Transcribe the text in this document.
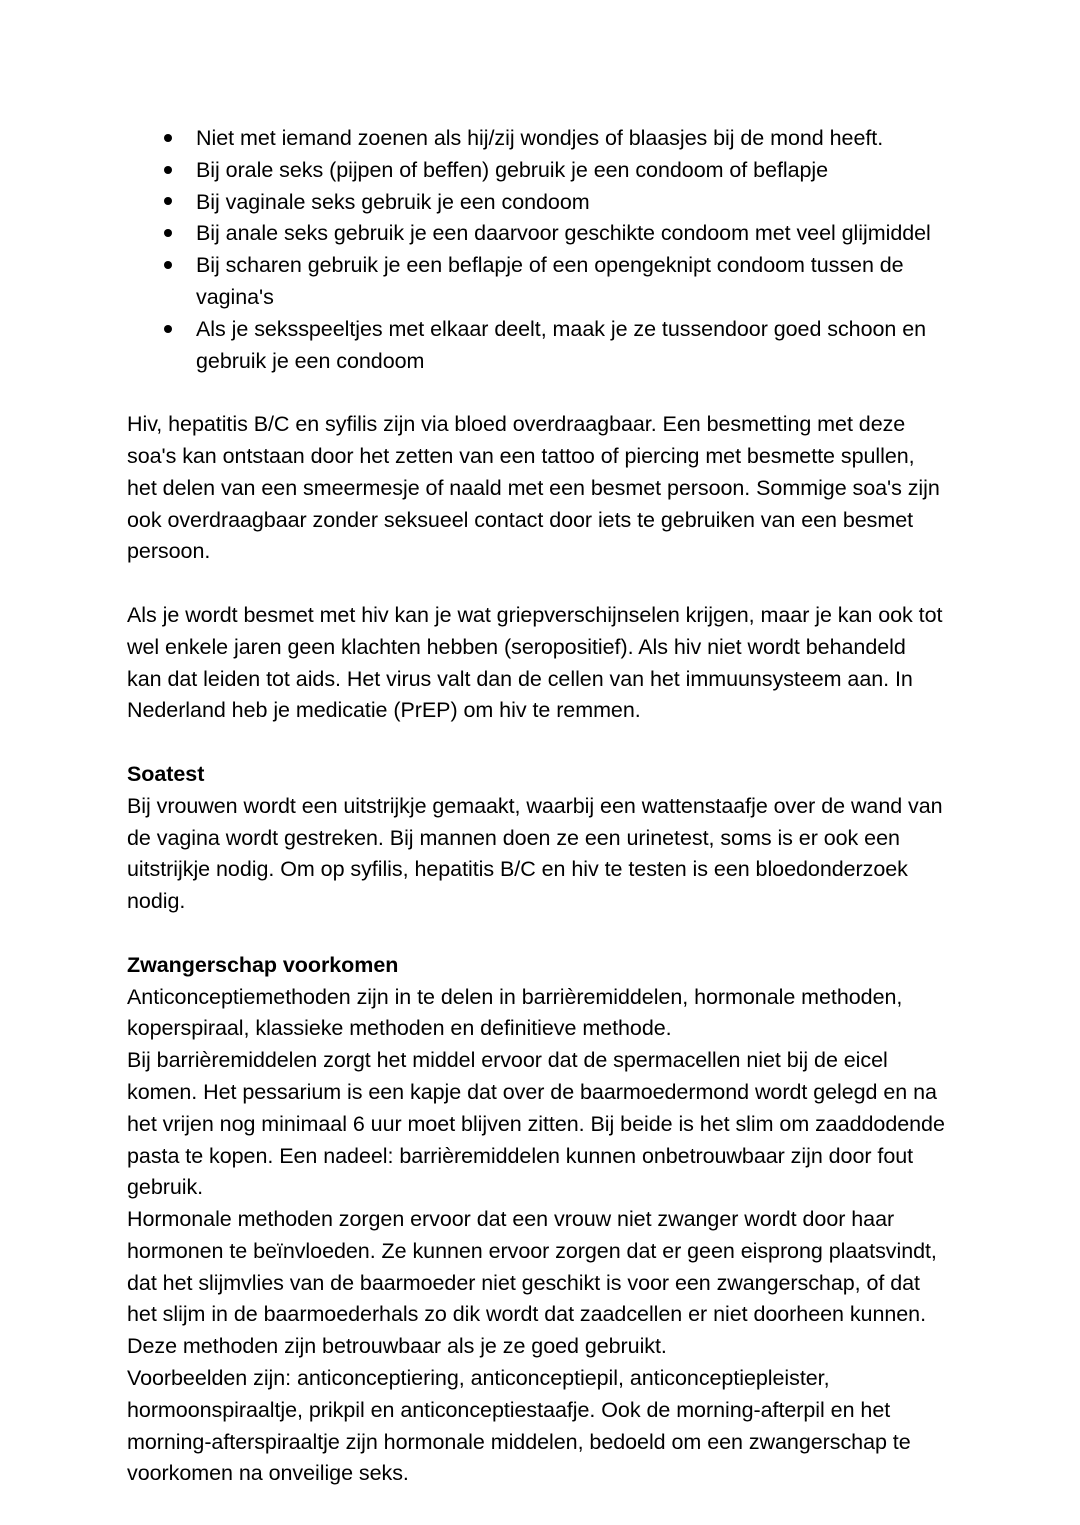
Niet met iemand zoenen als hij/zij wondjes of blaasjes bij de mond heeft.
Bij orale seks (pijpen of beffen) gebruik je een condoom of beflapje
Bij vaginale seks gebruik je een condoom
Bij anale seks gebruik je een daarvoor geschikte condoom met veel glijmiddel
Bij scharen gebruik je een beflapje of een opengeknipt condoom tussen de vagina's
Als je seksspeeltjes met elkaar deelt, maak je ze tussendoor goed schoon en gebruik je een condoom

Hiv, hepatitis B/C en syfilis zijn via bloed overdraagbaar. Een besmetting met deze soa's kan ontstaan door het zetten van een tattoo of piercing met besmette spullen, het delen van een smeermesje of naald met een besmet persoon. Sommige soa's zijn ook overdraagbaar zonder seksueel contact door iets te gebruiken van een besmet persoon.

Als je wordt besmet met hiv kan je wat griepverschijnselen krijgen, maar je kan ook tot wel enkele jaren geen klachten hebben (seropositief). Als hiv niet wordt behandeld kan dat leiden tot aids. Het virus valt dan de cellen van het immuunsysteem aan. In Nederland heb je medicatie (PrEP) om hiv te remmen.

Soatest

Bij vrouwen wordt een uitstrijkje gemaakt, waarbij een wattenstaafje over de wand van de vagina wordt gestreken. Bij mannen doen ze een urinetest, soms is er ook een uitstrijkje nodig. Om op syfilis, hepatitis B/C en hiv te testen is een bloedonderzoek nodig.

Zwangerschap voorkomen

Anticonceptiemethoden zijn in te delen in barrièremiddelen, hormonale methoden, koperspiraal, klassieke methoden en definitieve methode.

Bij barrièremiddelen zorgt het middel ervoor dat de spermacellen niet bij de eicel komen. Het pessarium is een kapje dat over de baarmoedermond wordt gelegd en na het vrijen nog minimaal 6 uur moet blijven zitten. Bij beide is het slim om zaaddodende pasta te kopen. Een nadeel: barrièremiddelen kunnen onbetrouwbaar zijn door fout gebruik.

Hormonale methoden zorgen ervoor dat een vrouw niet zwanger wordt door haar hormonen te beïnvloeden. Ze kunnen ervoor zorgen dat er geen eisprong plaatsvindt, dat het slijmvlies van de baarmoeder niet geschikt is voor een zwangerschap, of dat het slijm in de baarmoederhals zo dik wordt dat zaadcellen er niet doorheen kunnen. Deze methoden zijn betrouwbaar als je ze goed gebruikt.

Voorbeelden zijn: anticonceptiering, anticonceptiepil, anticonceptiepleister, hormoonspiraaltje, prikpil en anticonceptiestaafje. Ook de morning-afterpil en het morning-afterspiraaltje zijn hormonale middelen, bedoeld om een zwangerschap te voorkomen na onveilige seks.
